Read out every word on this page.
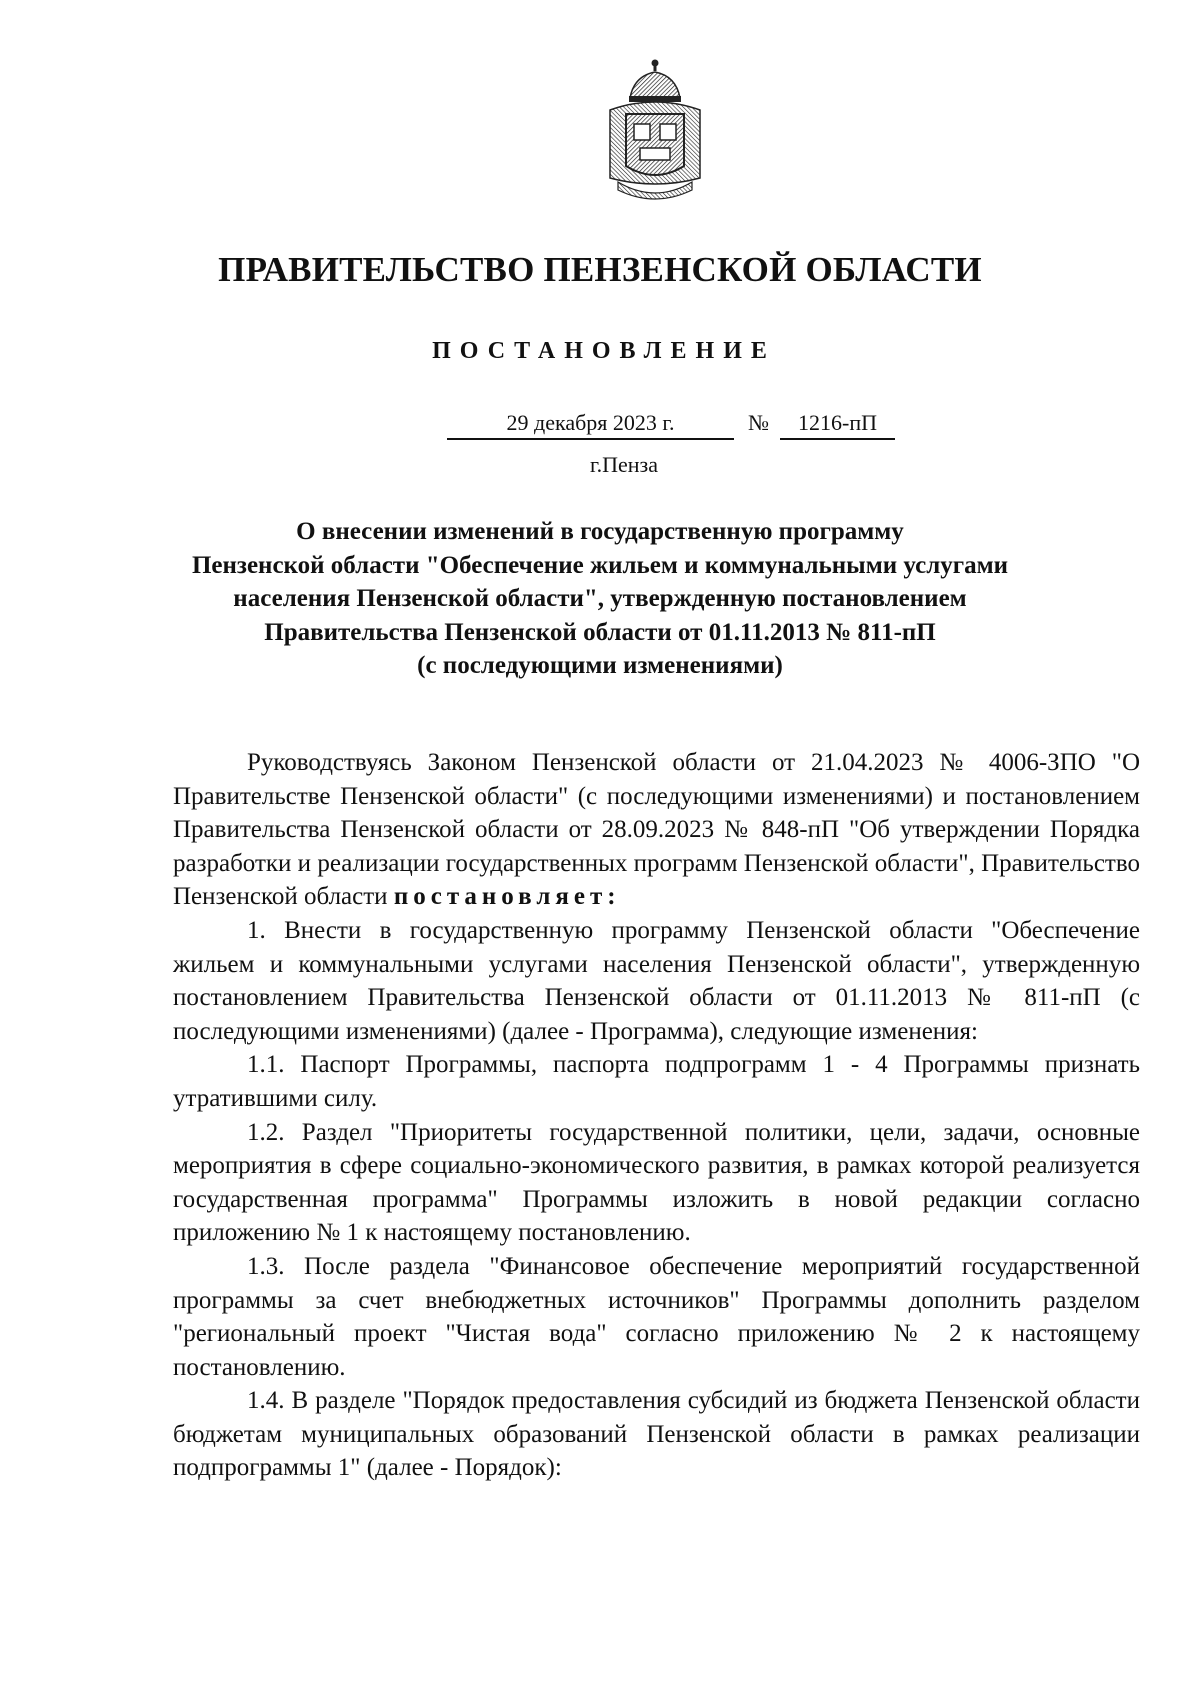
ПРАВИТЕЛЬСТВО ПЕНЗЕНСКОЙ ОБЛАСТИ
ПОСТАНОВЛЕНИЕ
29 декабря 2023 г.	№	1216-пП
г.Пенза
О внесении изменений в государственную программу
Пензенской области "Обеспечение жильем и коммунальными услугами
населения Пензенской области", утвержденную постановлением
Правительства Пензенской области от 01.11.2013 № 811-пП
(с последующими изменениями)

Руководствуясь Законом Пензенской области от 21.04.2023 № 4006-ЗПО "О Правительстве Пензенской области" (с последующими изменениями) и постановлением Правительства Пензенской области от 28.09.2023 № 848-пП "Об утверждении Порядка разработки и реализации государственных программ Пензенской области", Правительство Пензенской области постановляет:

1. Внести в государственную программу Пензенской области "Обеспечение жильем и коммунальными услугами населения Пензенской области", утвержденную постановлением Правительства Пензенской области от 01.11.2013 № 811-пП (с последующими изменениями) (далее - Программа), следующие изменения:

1.1. Паспорт Программы, паспорта подпрограмм 1 - 4 Программы признать утратившими силу.

1.2. Раздел "Приоритеты государственной политики, цели, задачи, основные мероприятия в сфере социально-экономического развития, в рамках которой реализуется государственная программа" Программы изложить в новой редакции согласно приложению № 1 к настоящему постановлению.

1.3. После раздела "Финансовое обеспечение мероприятий государственной программы за счет внебюджетных источников" Программы дополнить разделом "региональный проект "Чистая вода" согласно приложению № 2 к настоящему постановлению.

1.4. В разделе "Порядок предоставления субсидий из бюджета Пензенской области бюджетам муниципальных образований Пензенской области в рамках реализации подпрограммы 1" (далее - Порядок):
